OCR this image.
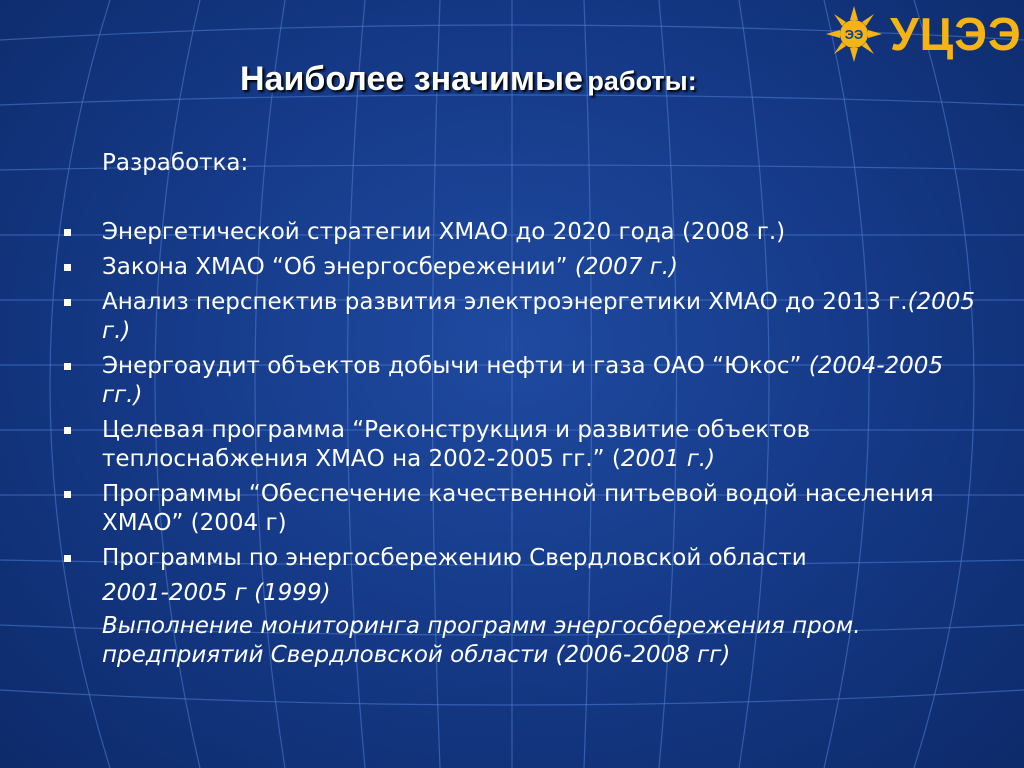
ЭЭ УЦЭЭ
Наиболее значимые работы:
Разработка:
Энергетической стратегии ХМАО до 2020 года (2008 г.)
Закона ХМАО “Об энергосбережении” (2007 г.)
Анализ перспектив развития электроэнергетики ХМАО до 2013 г.(2005 г.)
Энергоаудит объектов добычи нефти и газа ОАО “Юкос” (2004-2005 гг.)
Целевая программа “Реконструкция и развитие объектов теплоснабжения ХМАО на 2002-2005 гг.” (2001 г.)
Программы “Обеспечение качественной питьевой водой населения ХМАО” (2004 г)
Программы по энергосбережению Свердловской области
2001-2005 г (1999)
Выполнение мониторинга программ энергосбережения пром. предприятий Свердловской области (2006-2008 гг)
